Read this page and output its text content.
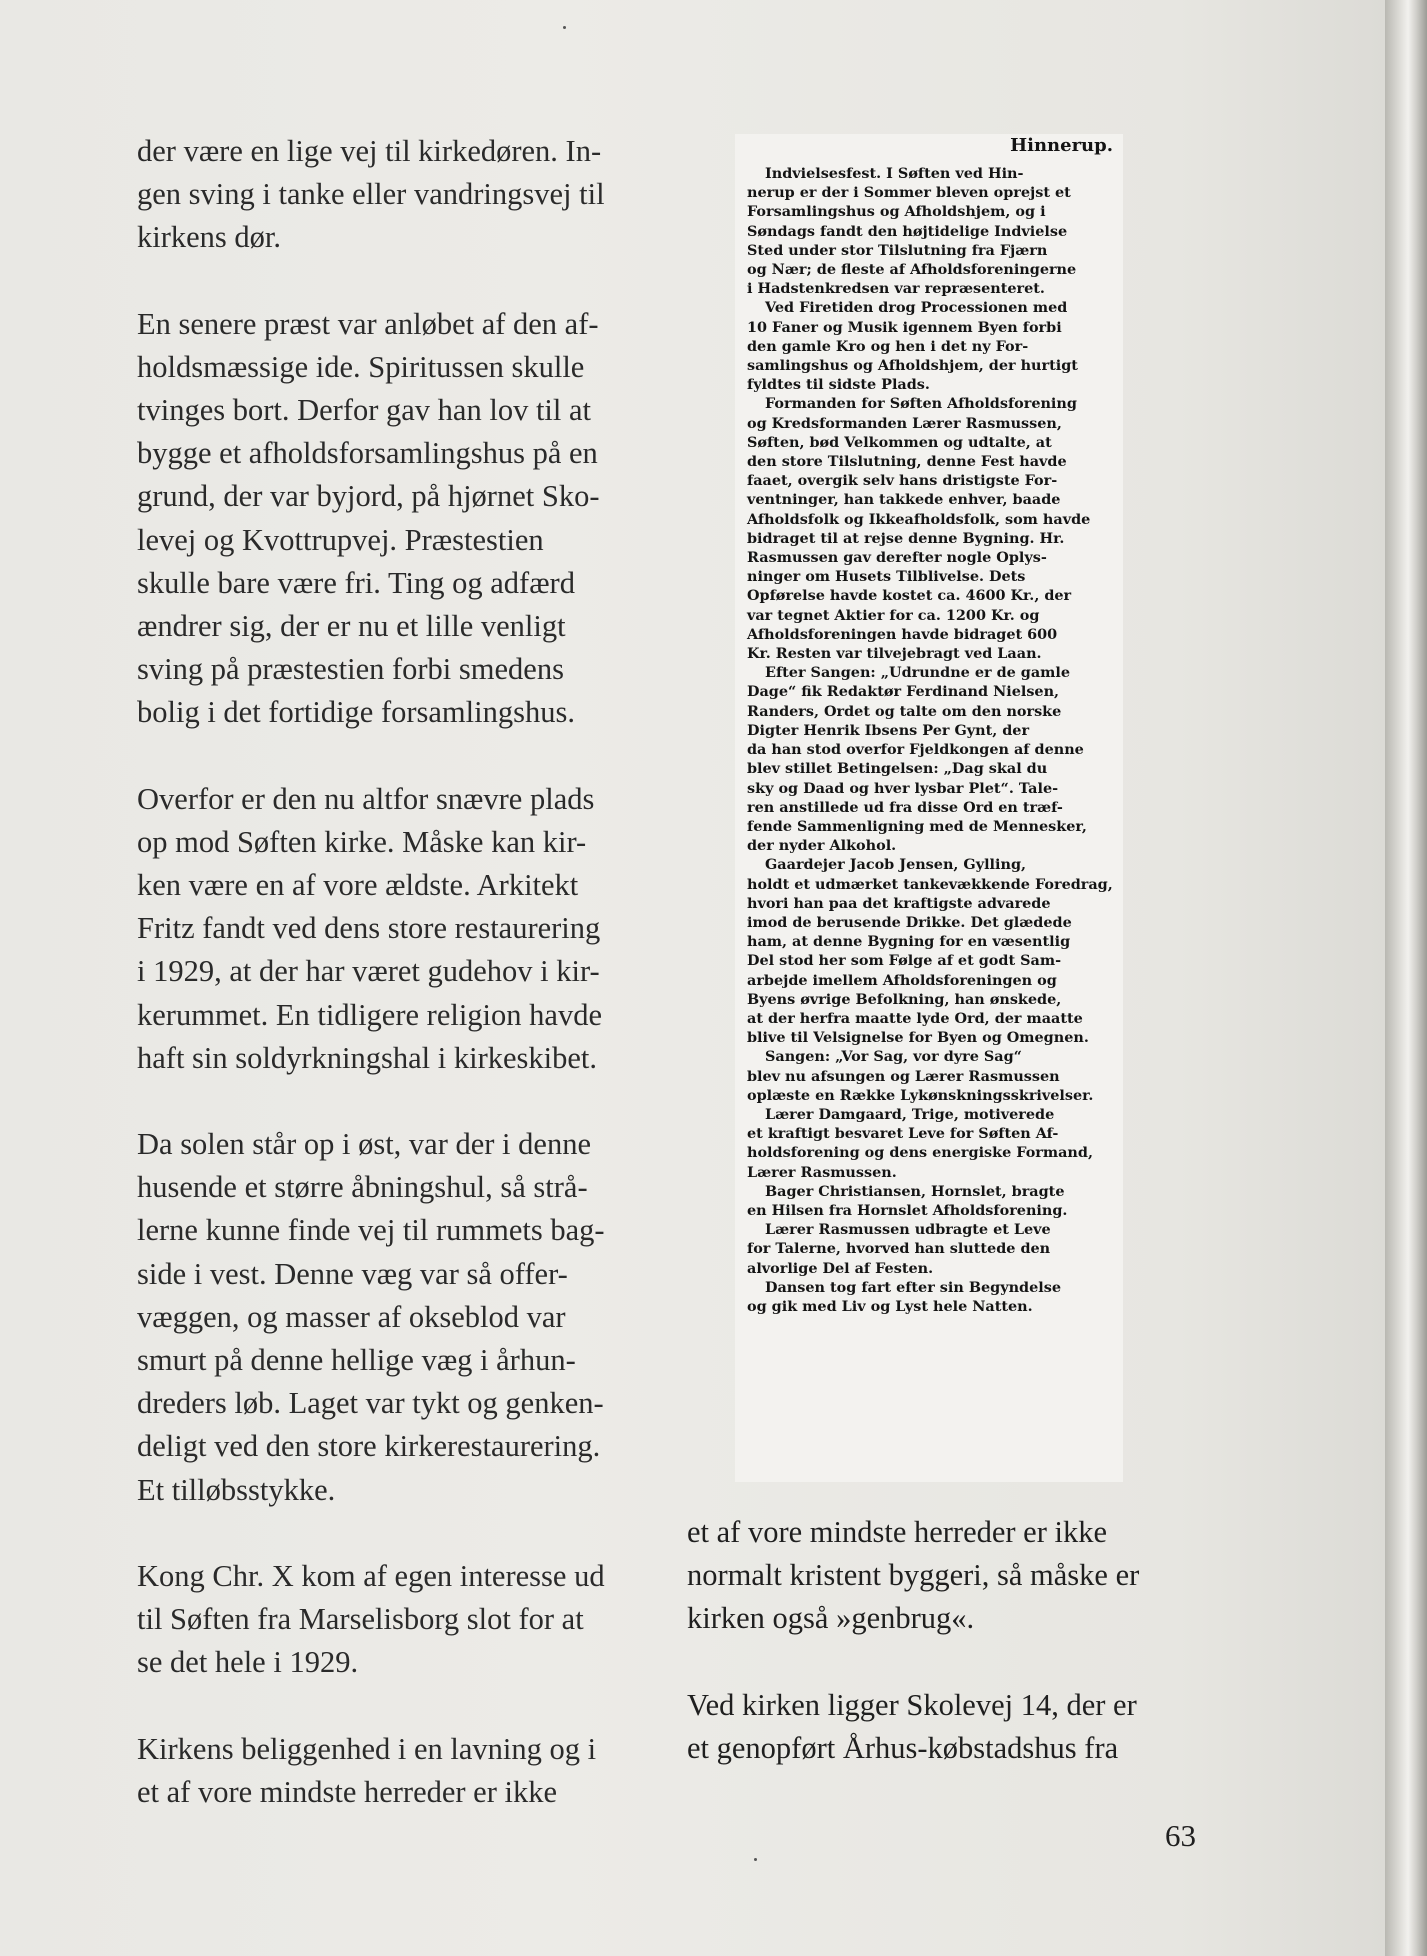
der være en lige vej til kirkedøren. In-
gen sving i tanke eller vandringsvej til
kirkens dør.

En senere præst var anløbet af den af-
holdsmæssige ide. Spiritussen skulle
tvinges bort. Derfor gav han lov til at
bygge et afholdsforsamlingshus på en
grund, der var byjord, på hjørnet Sko-
levej og Kvottrupvej. Præstestien
skulle bare være fri. Ting og adfærd
ændrer sig, der er nu et lille venligt
sving på præstestien forbi smedens
bolig i det fortidige forsamlingshus.

Overfor er den nu altfor snævre plads
op mod Søften kirke. Måske kan kir-
ken være en af vore ældste. Arkitekt
Fritz fandt ved dens store restaurering
i 1929, at der har været gudehov i kir-
kerummet. En tidligere religion havde
haft sin soldyrkningshal i kirkeskibet.

Da solen står op i øst, var der i denne
husende et større åbningshul, så strå-
lerne kunne finde vej til rummets bag-
side i vest. Denne væg var så offer-
væggen, og masser af okseblod var
smurt på denne hellige væg i århun-
dreders løb. Laget var tykt og genken-
deligt ved den store kirkerestaurering.
Et tilløbsstykke.

Kong Chr. X kom af egen interesse ud
til Søften fra Marselisborg slot for at
se det hele i 1929.

Kirkens beliggenhed i en lavning og i
et af vore mindste herreder er ikke

Hinnerup.

Indvielsesfest. I Søften ved Hin-
nerup er der i Sommer bleven oprejst et
Forsamlingshus og Afholdshjem, og i
Søndags fandt den højtidelige Indvielse
Sted under stor Tilslutning fra Fjærn
og Nær; de fleste af Afholdsforeningerne
i Hadstenkredsen var repræsenteret.

Ved Firetiden drog Processionen med
10 Faner og Musik igennem Byen forbi
den gamle Kro og hen i det ny For-
samlingshus og Afholdshjem, der hurtigt
fyldtes til sidste Plads.

Formanden for Søften Afholdsforening
og Kredsformanden Lærer Rasmussen,
Søften, bød Velkommen og udtalte, at
den store Tilslutning, denne Fest havde
faaet, overgik selv hans dristigste For-
ventninger, han takkede enhver, baade
Afholdsfolk og Ikkeafholdsfolk, som havde
bidraget til at rejse denne Bygning. Hr.
Rasmussen gav derefter nogle Oplys-
ninger om Husets Tilblivelse. Dets
Opførelse havde kostet ca. 4600 Kr., der
var tegnet Aktier for ca. 1200 Kr. og
Afholdsforeningen havde bidraget 600
Kr. Resten var tilvejebragt ved Laan.

Efter Sangen: „Udrundne er de gamle
Dage“ fik Redaktør Ferdinand Nielsen,
Randers, Ordet og talte om den norske
Digter Henrik Ibsens Per Gynt, der
da han stod overfor Fjeldkongen af denne
blev stillet Betingelsen: „Dag skal du
sky og Daad og hver lysbar Plet“. Tale-
ren anstillede ud fra disse Ord en træf-
fende Sammenligning med de Mennesker,
der nyder Alkohol.

Gaardejer Jacob Jensen, Gylling,
holdt et udmærket tankevækkende Foredrag,
hvori han paa det kraftigste advarede
imod de berusende Drikke. Det glædede
ham, at denne Bygning for en væsentlig
Del stod her som Følge af et godt Sam-
arbejde imellem Afholdsforeningen og
Byens øvrige Befolkning, han ønskede,
at der herfra maatte lyde Ord, der maatte
blive til Velsignelse for Byen og Omegnen.

Sangen: „Vor Sag, vor dyre Sag“
blev nu afsungen og Lærer Rasmussen
oplæste en Række Lykønskningsskrivelser.

Lærer Damgaard, Trige, motiverede
et kraftigt besvaret Leve for Søften Af-
holdsforening og dens energiske Formand,
Lærer Rasmussen.

Bager Christiansen, Hornslet, bragte
en Hilsen fra Hornslet Afholdsforening.

Lærer Rasmussen udbragte et Leve
for Talerne, hvorved han sluttede den
alvorlige Del af Festen.

Dansen tog fart efter sin Begyndelse
og gik med Liv og Lyst hele Natten.

et af vore mindste herreder er ikke
normalt kristent byggeri, så måske er
kirken også »genbrug«.

Ved kirken ligger Skolevej 14, der er
et genopført Århus-købstadshus fra

63
